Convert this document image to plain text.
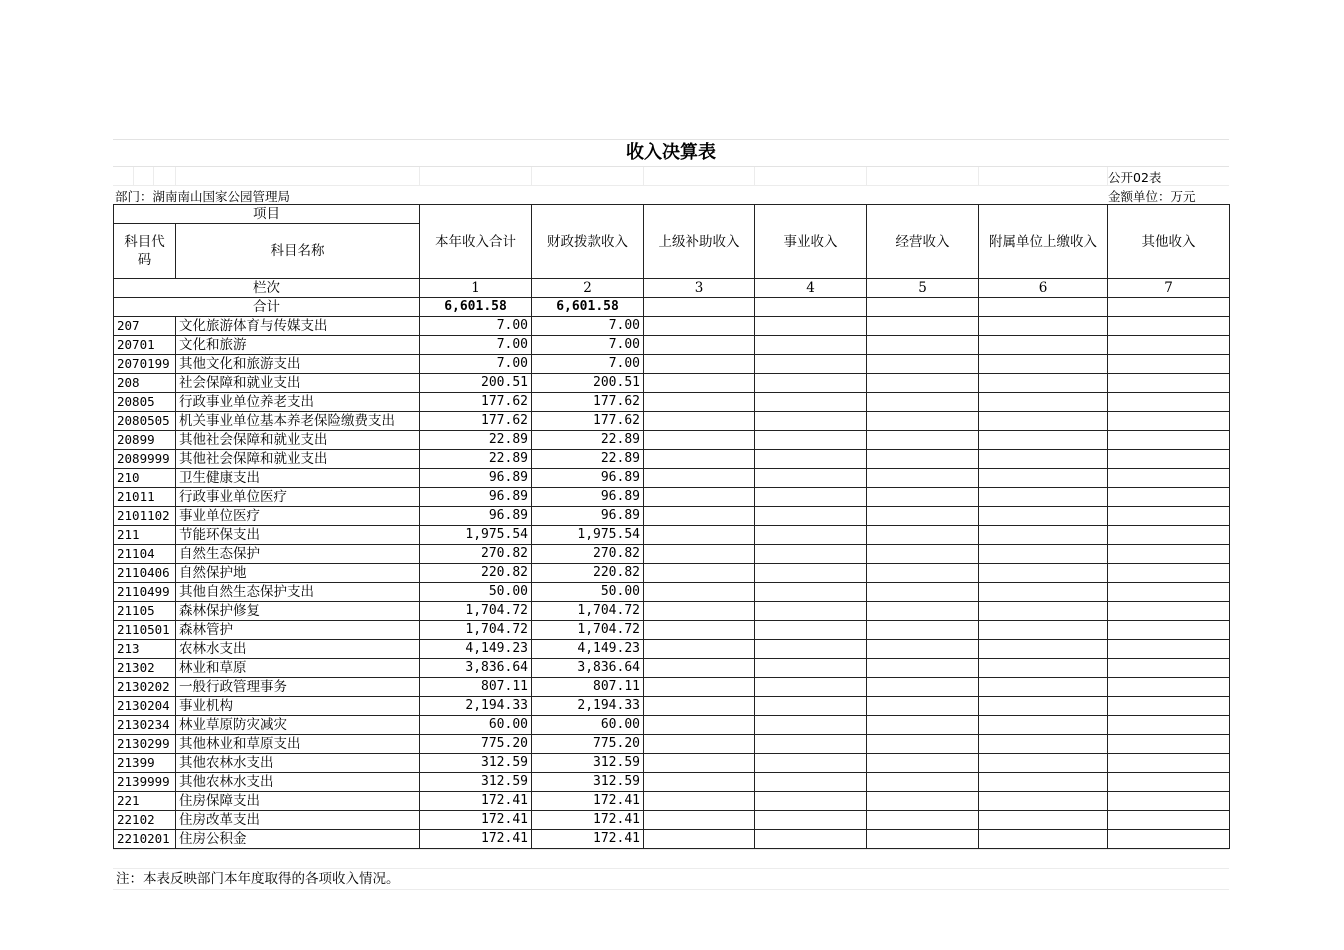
收入决算表
公开02表
部门：湖南南山国家公园管理局	金额单位：万元
项目		本年收入合计	财政拨款收入	上级补助收入	事业收入	经营收入	附属单位上缴收入	其他收入
科目代码	科目名称							
栏次		1	2	3	4	5	6	7
合计		6,601.58	6,601.58					
207	文化旅游体育与传媒支出	7.00	7.00					
20701	文化和旅游	7.00	7.00					
2070199	其他文化和旅游支出	7.00	7.00					
208	社会保障和就业支出	200.51	200.51					
20805	行政事业单位养老支出	177.62	177.62					
2080505	机关事业单位基本养老保险缴费支出	177.62	177.62					
20899	其他社会保障和就业支出	22.89	22.89					
2089999	其他社会保障和就业支出	22.89	22.89					
210	卫生健康支出	96.89	96.89					
21011	行政事业单位医疗	96.89	96.89					
2101102	事业单位医疗	96.89	96.89					
211	节能环保支出	1,975.54	1,975.54					
21104	自然生态保护	270.82	270.82					
2110406	自然保护地	220.82	220.82					
2110499	其他自然生态保护支出	50.00	50.00					
21105	森林保护修复	1,704.72	1,704.72					
2110501	森林管护	1,704.72	1,704.72					
213	农林水支出	4,149.23	4,149.23					
21302	林业和草原	3,836.64	3,836.64					
2130202	一般行政管理事务	807.11	807.11					
2130204	事业机构	2,194.33	2,194.33					
2130234	林业草原防灾减灾	60.00	60.00					
2130299	其他林业和草原支出	775.20	775.20					
21399	其他农林水支出	312.59	312.59					
2139999	其他农林水支出	312.59	312.59					
221	住房保障支出	172.41	172.41					
22102	住房改革支出	172.41	172.41					
2210201	住房公积金	172.41	172.41					
注：本表反映部门本年度取得的各项收入情况。
